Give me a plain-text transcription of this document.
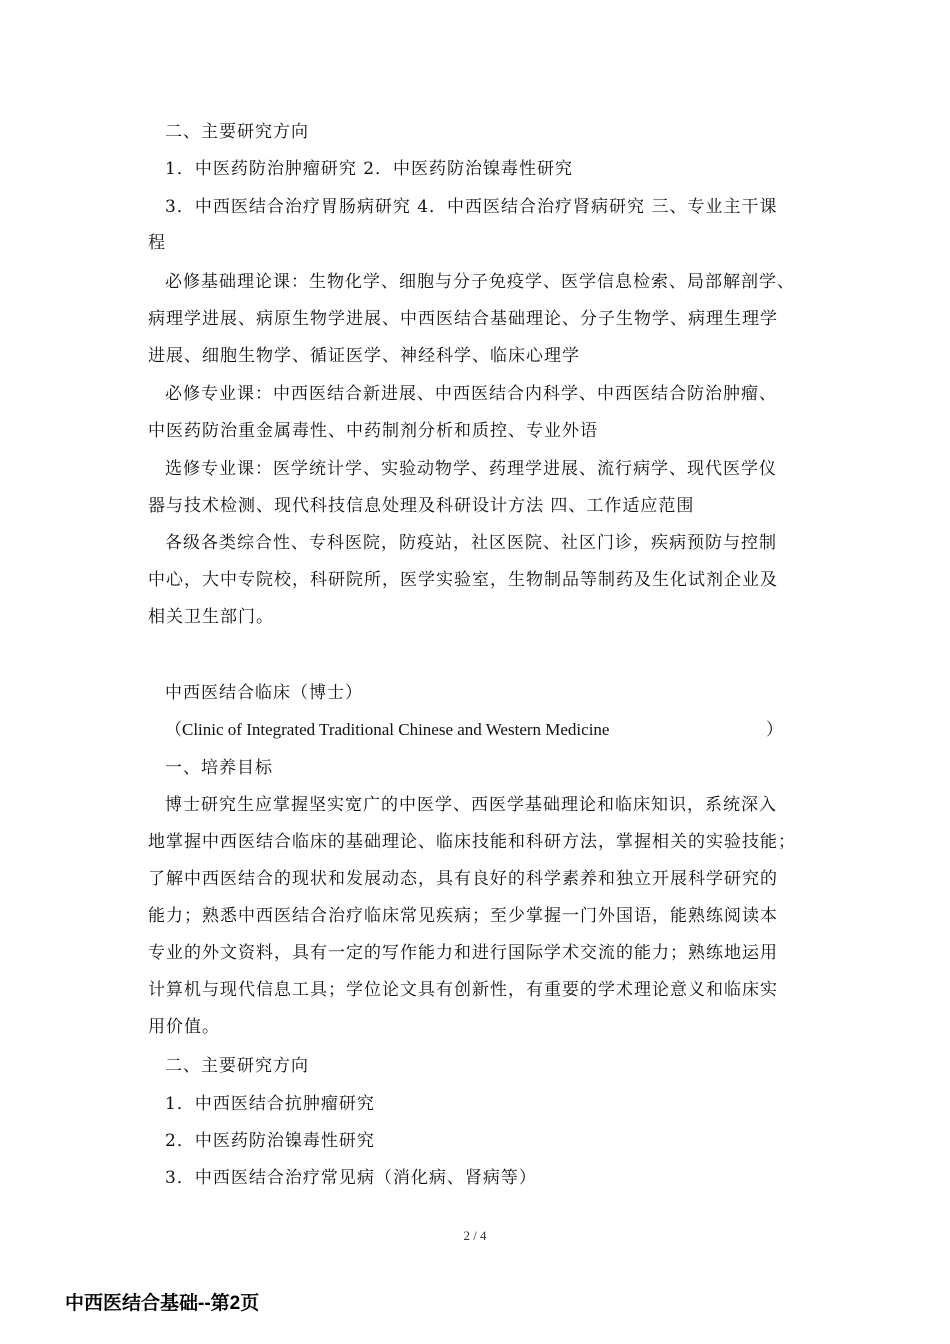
二、主要研究方向
1．中医药防治肿瘤研究 2．中医药防治镍毒性研究
3．中西医结合治疗胃肠病研究 4．中西医结合治疗肾病研究 三、专业主干课
程
必修基础理论课：生物化学、细胞与分子免疫学、医学信息检索、局部解剖学、
病理学进展、病原生物学进展、中西医结合基础理论、分子生物学、病理生理学
进展、细胞生物学、循证医学、神经科学、临床心理学
必修专业课：中西医结合新进展、中西医结合内科学、中西医结合防治肿瘤、
中医药防治重金属毒性、中药制剂分析和质控、专业外语
选修专业课：医学统计学、实验动物学、药理学进展、流行病学、现代医学仪
器与技术检测、现代科技信息处理及科研设计方法 四、工作适应范围
各级各类综合性、专科医院，防疫站，社区医院、社区门诊，疾病预防与控制
中心，大中专院校，科研院所，医学实验室，生物制品等制药及生化试剂企业及
相关卫生部门。
中西医结合临床（博士）
（Clinic of Integrated Traditional Chinese and Western Medicine	）
一、培养目标
博士研究生应掌握坚实宽广的中医学、西医学基础理论和临床知识，系统深入
地掌握中西医结合临床的基础理论、临床技能和科研方法，掌握相关的实验技能；
了解中西医结合的现状和发展动态，具有良好的科学素养和独立开展科学研究的
能力；熟悉中西医结合治疗临床常见疾病；至少掌握一门外国语，能熟练阅读本
专业的外文资料，具有一定的写作能力和进行国际学术交流的能力；熟练地运用
计算机与现代信息工具；学位论文具有创新性，有重要的学术理论意义和临床实
用价值。
二、主要研究方向
1．中西医结合抗肿瘤研究
2．中医药防治镍毒性研究
3．中西医结合治疗常见病（消化病、肾病等）
2 / 4
中西医结合基础--第2页
